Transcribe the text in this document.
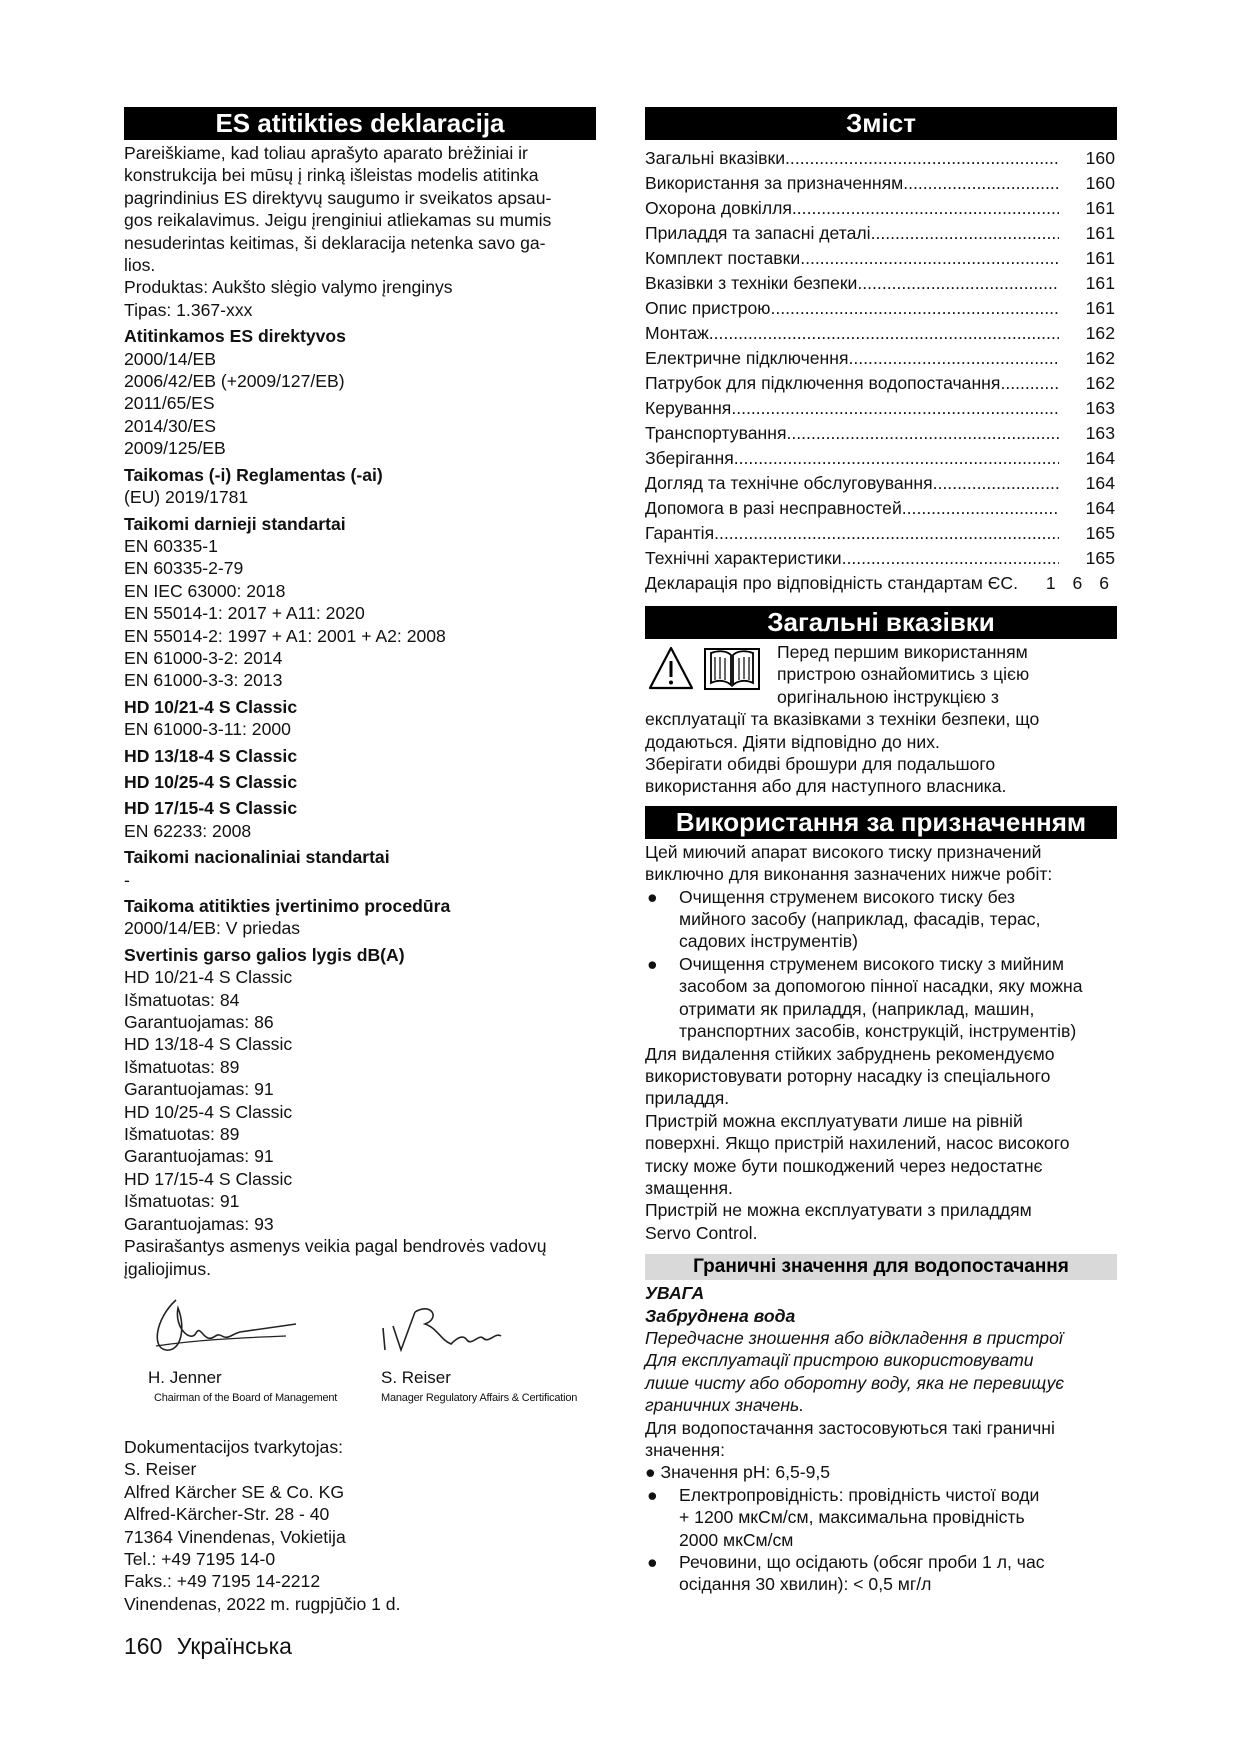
ES atitikties deklaracija
Pareiškiame, kad toliau aprašyto aparato brėžiniai ir
konstrukcija bei mūsų į rinką išleistas modelis atitinka
pagrindinius ES direktyvų saugumo ir sveikatos apsau-
gos reikalavimus. Jeigu įrenginiui atliekamas su mumis
nesuderintas keitimas, ši deklaracija netenka savo ga-
lios.
Produktas: Aukšto slėgio valymo įrenginys
Tipas: 1.367-xxx
Atitinkamos ES direktyvos
2000/14/EB
2006/42/EB (+2009/127/EB)
2011/65/ES
2014/30/ES
2009/125/EB
Taikomas (-i) Reglamentas (-ai)
(EU) 2019/1781
Taikomi darnieji standartai
EN 60335-1
EN 60335-2-79
EN IEC 63000: 2018
EN 55014-1: 2017 + A11: 2020
EN 55014-2: 1997 + A1: 2001 + A2: 2008
EN 61000-3-2: 2014
EN 61000-3-3: 2013
HD 10/21-4 S Classic
EN 61000-3-11: 2000
HD 13/18-4 S Classic
HD 10/25-4 S Classic
HD 17/15-4 S Classic
EN 62233: 2008
Taikomi nacionaliniai standartai
-
Taikoma atitikties įvertinimo procedūra
2000/14/EB: V priedas
Svertinis garso galios lygis dB(A)
HD 10/21-4 S Classic
Išmatuotas: 84
Garantuojamas: 86
HD 13/18-4 S Classic
Išmatuotas: 89
Garantuojamas: 91
HD 10/25-4 S Classic
Išmatuotas: 89
Garantuojamas: 91
HD 17/15-4 S Classic
Išmatuotas: 91
Garantuojamas: 93
Pasirašantys asmenys veikia pagal bendrovės vadovų
įgaliojimus.
H. Jenner
Chairman of the Board of Management
S. Reiser
Manager Regulatory Affairs & Certification
Dokumentacijos tvarkytojas:
S. Reiser
Alfred Kärcher SE & Co. KG
Alfred-Kärcher-Str. 28 - 40
71364 Vinendenas, Vokietija
Tel.: +49 7195 14-0
Faks.: +49 7195 14-2212
Vinendenas, 2022 m. rugpjūčio 1 d.
Зміст
Загальні вказівки .....	160
Використання за призначенням .....	160
Охорона довкілля .....	161
Приладдя та запасні деталі .....	161
Комплект поставки .....	161
Вказівки з техніки безпеки .....	161
Опис пристрою .....	161
Монтаж .....	162
Електричне підключення .....	162
Патрубок для підключення водопостачання .....	162
Керування .....	163
Транспортування .....	163
Зберігання .....	164
Догляд та технічне обслуговування .....	164
Допомога в разі несправностей .....	164
Гарантія .....	165
Технічні характеристики .....	165
Декларація про відповідність стандартам ЄС.	1 6 6
Загальні вказівки
Перед першим використанням
пристрою ознайомитись з цією
оригінальною інструкцією з
експлуатації та вказівками з техніки безпеки, що
додаються. Діяти відповідно до них.
Зберігати обидві брошури для подальшого
використання або для наступного власника.
Використання за призначенням
Цей миючий апарат високого тиску призначений
виключно для виконання зазначених нижче робіт:
●	Очищення струменем високого тиску без
мийного засобу (наприклад, фасадів, терас,
садових інструментів)
●	Очищення струменем високого тиску з мийним
засобом за допомогою пінної насадки, яку можна
отримати як приладдя, (наприклад, машин,
транспортних засобів, конструкцій, інструментів)
Для видалення стійких забруднень рекомендуємо
використовувати роторну насадку із спеціального
приладдя.
Пристрій можна експлуатувати лише на рівній
поверхні. Якщо пристрій нахилений, насос високого
тиску може бути пошкоджений через недостатнє
змащення.
Пристрій не можна експлуатувати з приладдям
Servo Control.
Граничні значення для водопостачання
УВАГА
Забруднена вода
Передчасне зношення або відкладення в пристрої
Для експлуатації пристрою використовувати
лише чисту або оборотну воду, яка не перевищує
граничних значень.
Для водопостачання застосовуються такі граничні
значення:
● Значення pH: 6,5-9,5
●	Електропровідність: провідність чистої води
+ 1200 мкСм/см, максимальна провідність
2000 мкСм/см
●	Речовини, що осідають (обсяг проби 1 л, час
осідання 30 хвилин): < 0,5 мг/л
160 Українська
